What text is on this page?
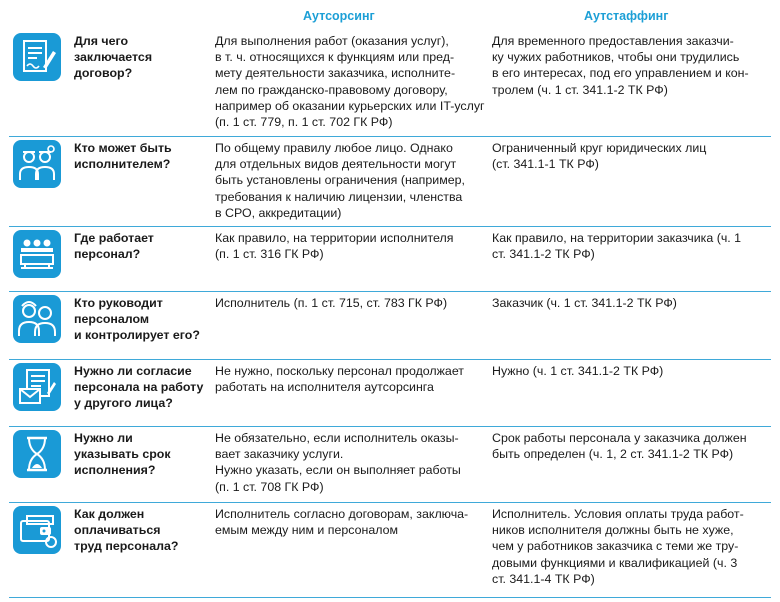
Аутсорсинг	Аутстаффинг
Для чего
заключается
договор?
Для выполнения работ (оказания услуг),
в т. ч. относящихся к функциям или пред-
мету деятельности заказчика, исполните-
лем по гражданско-правовому договору,
например об оказании курьерских или IT-услуг
(п. 1 ст. 779, п. 1 ст. 702 ГК РФ)
Для временного предоставления заказчи-
ку чужих работников, чтобы они трудились
в его интересах, под его управлением и кон-
тролем (ч. 1 ст. 341.1-2 ТК РФ)
Кто может быть
исполнителем?
По общему правилу любое лицо. Однако
для отдельных видов деятельности могут
быть установлены ограничения (например,
требования к наличию лицензии, членства
в СРО, аккредитации)
Ограниченный круг юридических лиц
(ст. 341.1-1 ТК РФ)
Где работает
персонал?
Как правило, на территории исполнителя
(п. 1 ст. 316 ГК РФ)
Как правило, на территории заказчика (ч. 1
ст. 341.1-2 ТК РФ)
Кто руководит
персоналом
и контролирует его?
Исполнитель (п. 1 ст. 715, ст. 783 ГК РФ)	Заказчик (ч. 1 ст. 341.1-2 ТК РФ)
Нужно ли согласие
персонала на работу
у другого лица?
Не нужно, поскольку персонал продолжает
работать на исполнителя аутсорсинга
Нужно (ч. 1 ст. 341.1-2 ТК РФ)
Нужно ли
указывать срок
исполнения?
Не обязательно, если исполнитель оказы-
вает заказчику услуги.
Нужно указать, если он выполняет работы
(п. 1 ст. 708 ГК РФ)
Срок работы персонала у заказчика должен
быть определен (ч. 1, 2 ст. 341.1-2 ТК РФ)
Как должен
оплачиваться
труд персонала?
Исполнитель согласно договорам, заключа-
емым между ним и персоналом
Исполнитель. Условия оплаты труда работ-
ников исполнителя должны быть не хуже,
чем у работников заказчика с теми же тру-
довыми функциями и квалификацией (ч. 3
ст. 341.1-4 ТК РФ)
